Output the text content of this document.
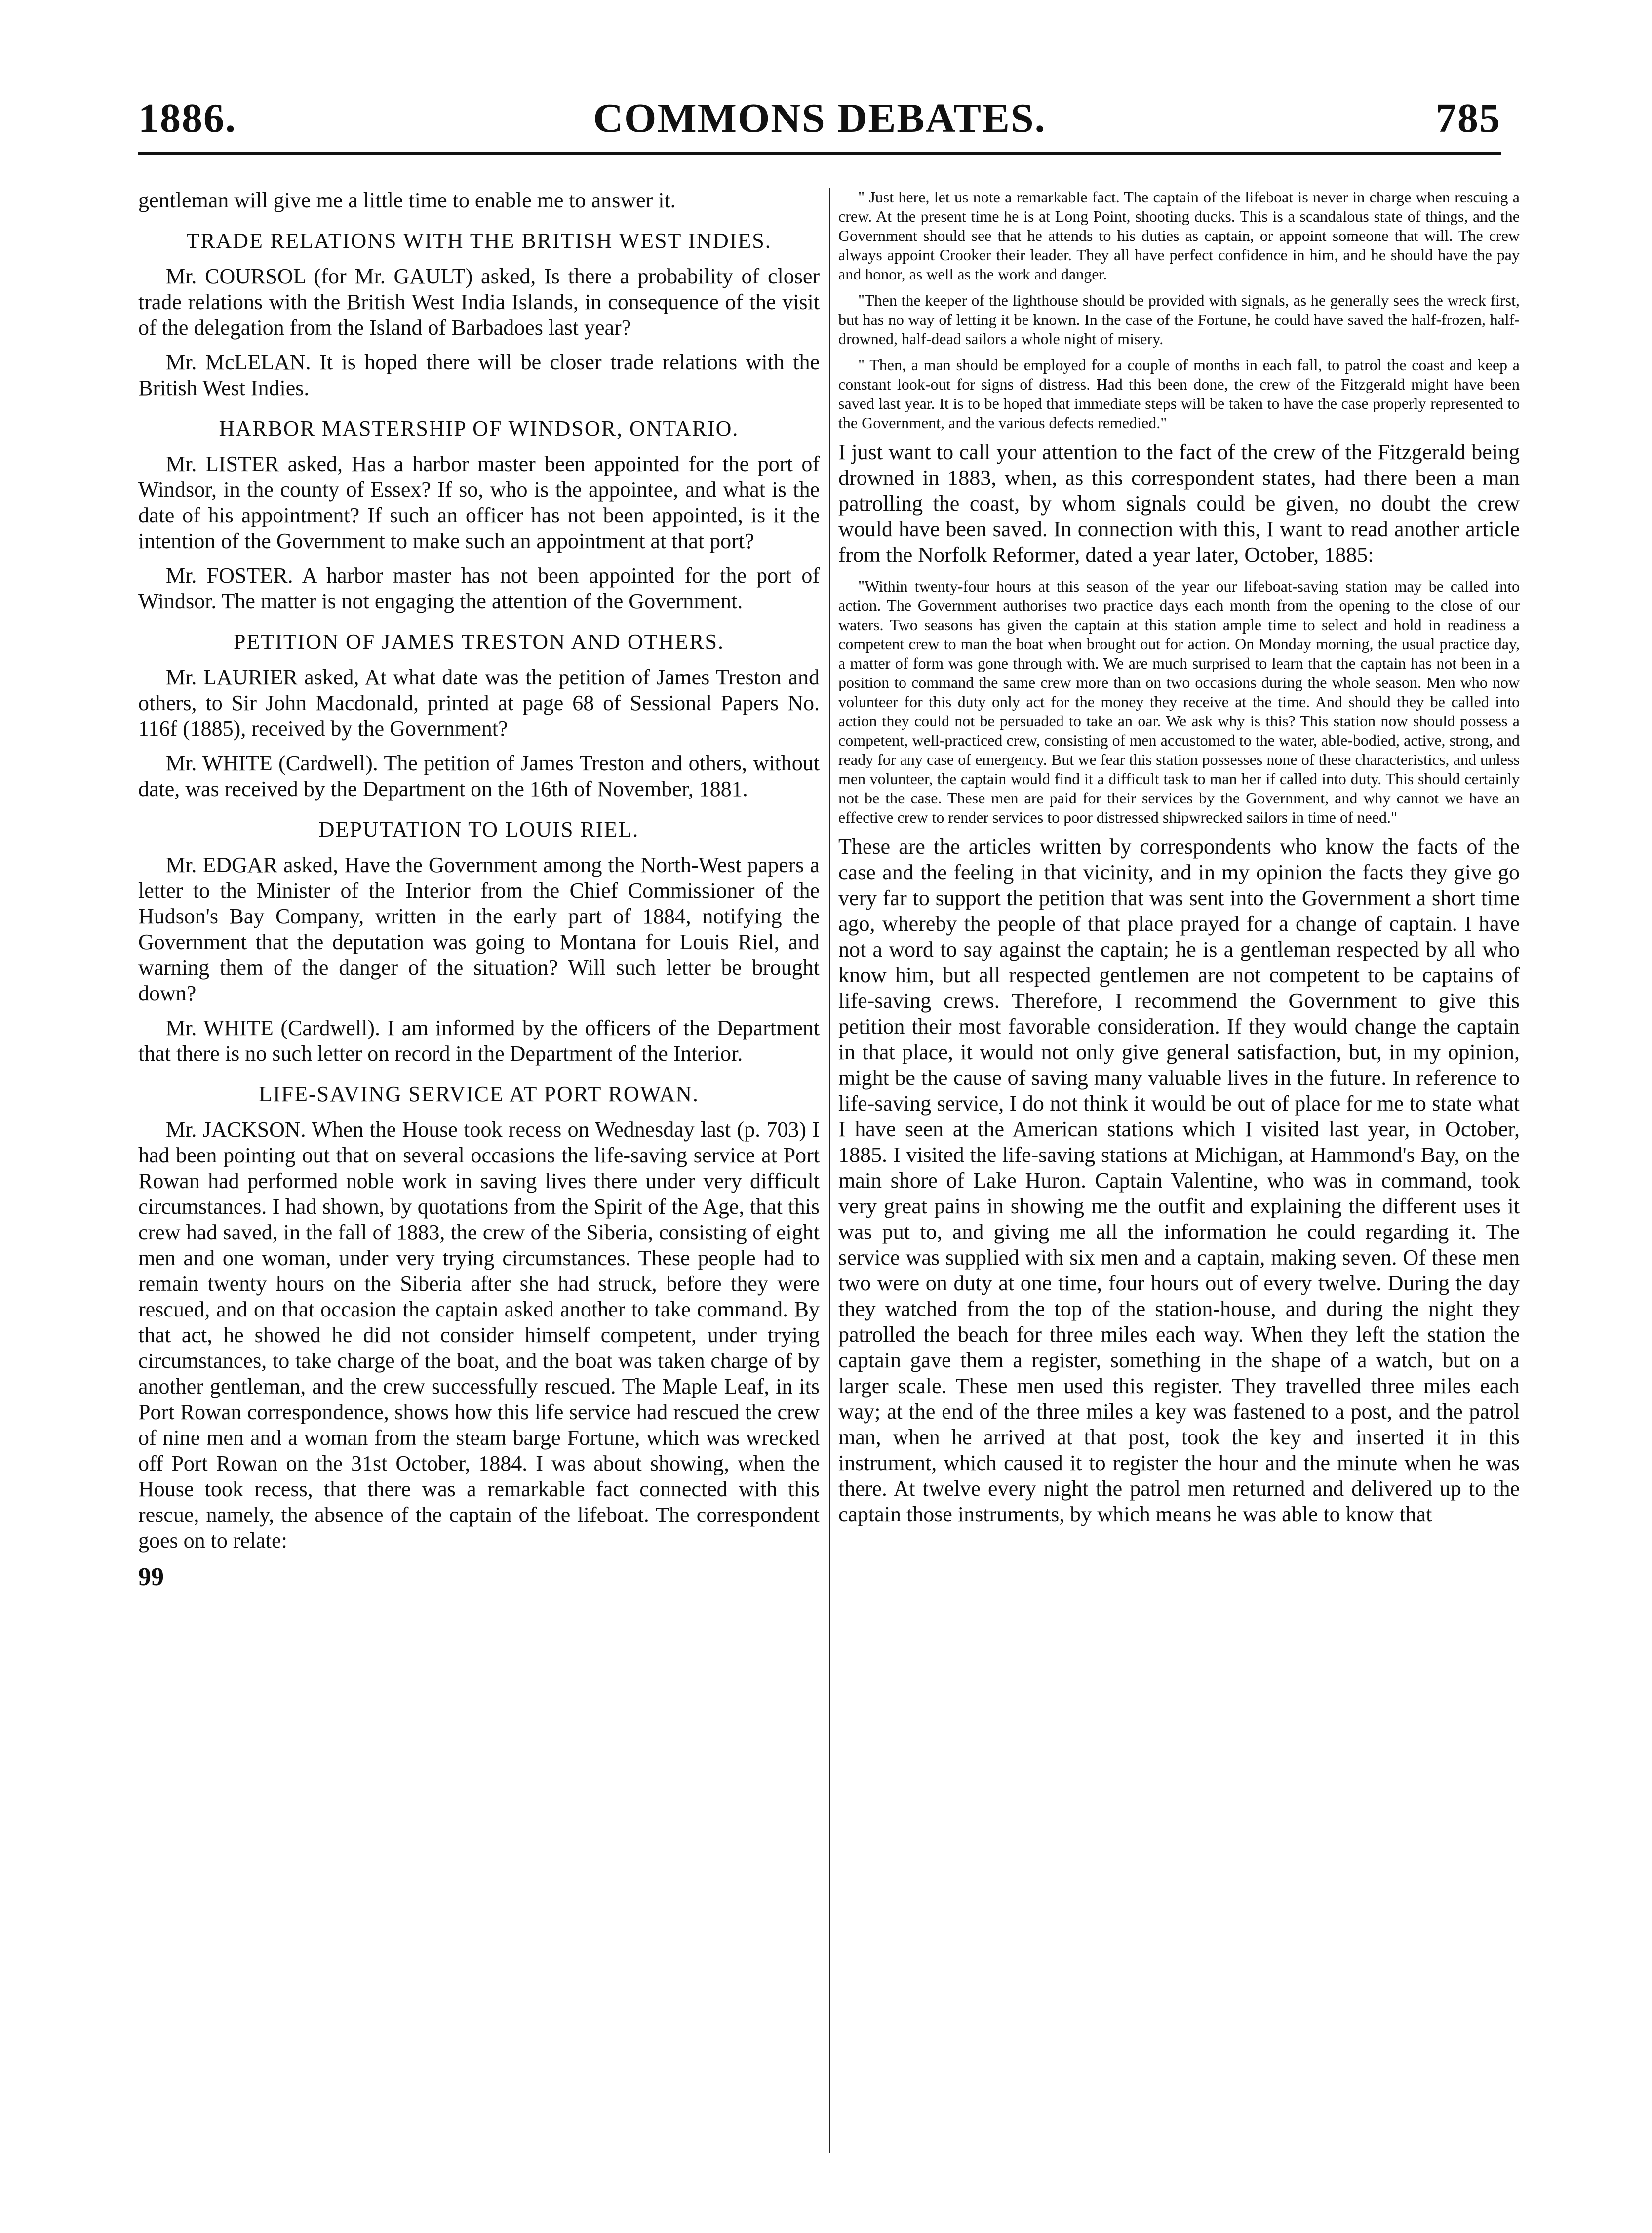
COMMONS DEBATES.
1886.	785

gentleman will give me a little time to enable me to answer it.

TRADE RELATIONS WITH THE BRITISH WEST INDIES.

Mr. COURSOL (for Mr. GAULT) asked, Is there a probability of closer trade relations with the British West India Islands, in consequence of the visit of the delegation from the Island of Barbadoes last year?

Mr. McLELAN. It is hoped there will be closer trade relations with the British West Indies.

HARBOR MASTERSHIP OF WINDSOR, ONTARIO.

Mr. LISTER asked, Has a harbor master been appointed for the port of Windsor, in the county of Essex? If so, who is the appointee, and what is the date of his appointment? If such an officer has not been appointed, is it the intention of the Government to make such an appointment at that port?

Mr. FOSTER. A harbor master has not been appointed for the port of Windsor. The matter is not engaging the attention of the Government.

PETITION OF JAMES TRESTON AND OTHERS.

Mr. LAURIER asked, At what date was the petition of James Treston and others, to Sir John Macdonald, printed at page 68 of Sessional Papers No. 116f (1885), received by the Government?

Mr. WHITE (Cardwell). The petition of James Treston and others, without date, was received by the Department on the 16th of November, 1881.

DEPUTATION TO LOUIS RIEL.

Mr. EDGAR asked, Have the Government among the North-West papers a letter to the Minister of the Interior from the Chief Commissioner of the Hudson's Bay Company, written in the early part of 1884, notifying the Government that the deputation was going to Montana for Louis Riel, and warning them of the danger of the situation? Will such letter be brought down?

Mr. WHITE (Cardwell). I am informed by the officers of the Department that there is no such letter on record in the Department of the Interior.

LIFE-SAVING SERVICE AT PORT ROWAN.

Mr. JACKSON. When the House took recess on Wednesday last (p. 703) I had been pointing out that on several occasions the life-saving service at Port Rowan had performed noble work in saving lives there under very difficult circumstances. I had shown, by quotations from the Spirit of the Age, that this crew had saved, in the fall of 1883, the crew of the Siberia, consisting of eight men and one woman, under very trying circumstances. These people had to remain twenty hours on the Siberia after she had struck, before they were rescued, and on that occasion the captain asked another to take command. By that act, he showed he did not consider himself competent, under trying circumstances, to take charge of the boat, and the boat was taken charge of by another gentleman, and the crew successfully rescued. The Maple Leaf, in its Port Rowan correspondence, shows how this life service had rescued the crew of nine men and a woman from the steam barge Fortune, which was wrecked off Port Rowan on the 31st October, 1884. I was about showing, when the House took recess, that there was a remarkable fact connected with this rescue, namely, the absence of the captain of the lifeboat. The correspondent goes on to relate:

99

" Just here, let us note a remarkable fact. The captain of the lifeboat is never in charge when rescuing a crew. At the present time he is at Long Point, shooting ducks. This is a scandalous state of things, and the Government should see that he attends to his duties as captain, or appoint someone that will. The crew always appoint Crooker their leader. They all have perfect confidence in him, and he should have the pay and honor, as well as the work and danger.

"Then the keeper of the lighthouse should be provided with signals, as he generally sees the wreck first, but has no way of letting it be known. In the case of the Fortune, he could have saved the half-frozen, half-drowned, half-dead sailors a whole night of misery.

" Then, a man should be employed for a couple of months in each fall, to patrol the coast and keep a constant look-out for signs of distress. Had this been done, the crew of the Fitzgerald might have been saved last year. It is to be hoped that immediate steps will be taken to have the case properly represented to the Government, and the various defects remedied."

I just want to call your attention to the fact of the crew of the Fitzgerald being drowned in 1883, when, as this correspondent states, had there been a man patrolling the coast, by whom signals could be given, no doubt the crew would have been saved. In connection with this, I want to read another article from the Norfolk Reformer, dated a year later, October, 1885:

"Within twenty-four hours at this season of the year our lifeboat-saving station may be called into action. The Government authorises two practice days each month from the opening to the close of our waters. Two seasons has given the captain at this station ample time to select and hold in readiness a competent crew to man the boat when brought out for action. On Monday morning, the usual practice day, a matter of form was gone through with. We are much surprised to learn that the captain has not been in a position to command the same crew more than on two occasions during the whole season. Men who now volunteer for this duty only act for the money they receive at the time. And should they be called into action they could not be persuaded to take an oar. We ask why is this? This station now should possess a competent, well-practiced crew, consisting of men accustomed to the water, able-bodied, active, strong, and ready for any case of emergency. But we fear this station possesses none of these characteristics, and unless men volunteer, the captain would find it a difficult task to man her if called into duty. This should certainly not be the case. These men are paid for their services by the Government, and why cannot we have an effective crew to render services to poor distressed shipwrecked sailors in time of need."

These are the articles written by correspondents who know the facts of the case and the feeling in that vicinity, and in my opinion the facts they give go very far to support the petition that was sent into the Government a short time ago, whereby the people of that place prayed for a change of captain. I have not a word to say against the captain; he is a gentleman respected by all who know him, but all respected gentlemen are not competent to be captains of life-saving crews. Therefore, I recommend the Government to give this petition their most favorable consideration. If they would change the captain in that place, it would not only give general satisfaction, but, in my opinion, might be the cause of saving many valuable lives in the future. In reference to life-saving service, I do not think it would be out of place for me to state what I have seen at the American stations which I visited last year, in October, 1885. I visited the life-saving stations at Michigan, at Hammond's Bay, on the main shore of Lake Huron. Captain Valentine, who was in command, took very great pains in showing me the outfit and explaining the different uses it was put to, and giving me all the information he could regarding it. The service was supplied with six men and a captain, making seven. Of these men two were on duty at one time, four hours out of every twelve. During the day they watched from the top of the station-house, and during the night they patrolled the beach for three miles each way. When they left the station the captain gave them a register, something in the shape of a watch, but on a larger scale. These men used this register. They travelled three miles each way; at the end of the three miles a key was fastened to a post, and the patrol man, when he arrived at that post, took the key and inserted it in this instrument, which caused it to register the hour and the minute when he was there. At twelve every night the patrol men returned and delivered up to the captain those instruments, by which means he was able to know that
